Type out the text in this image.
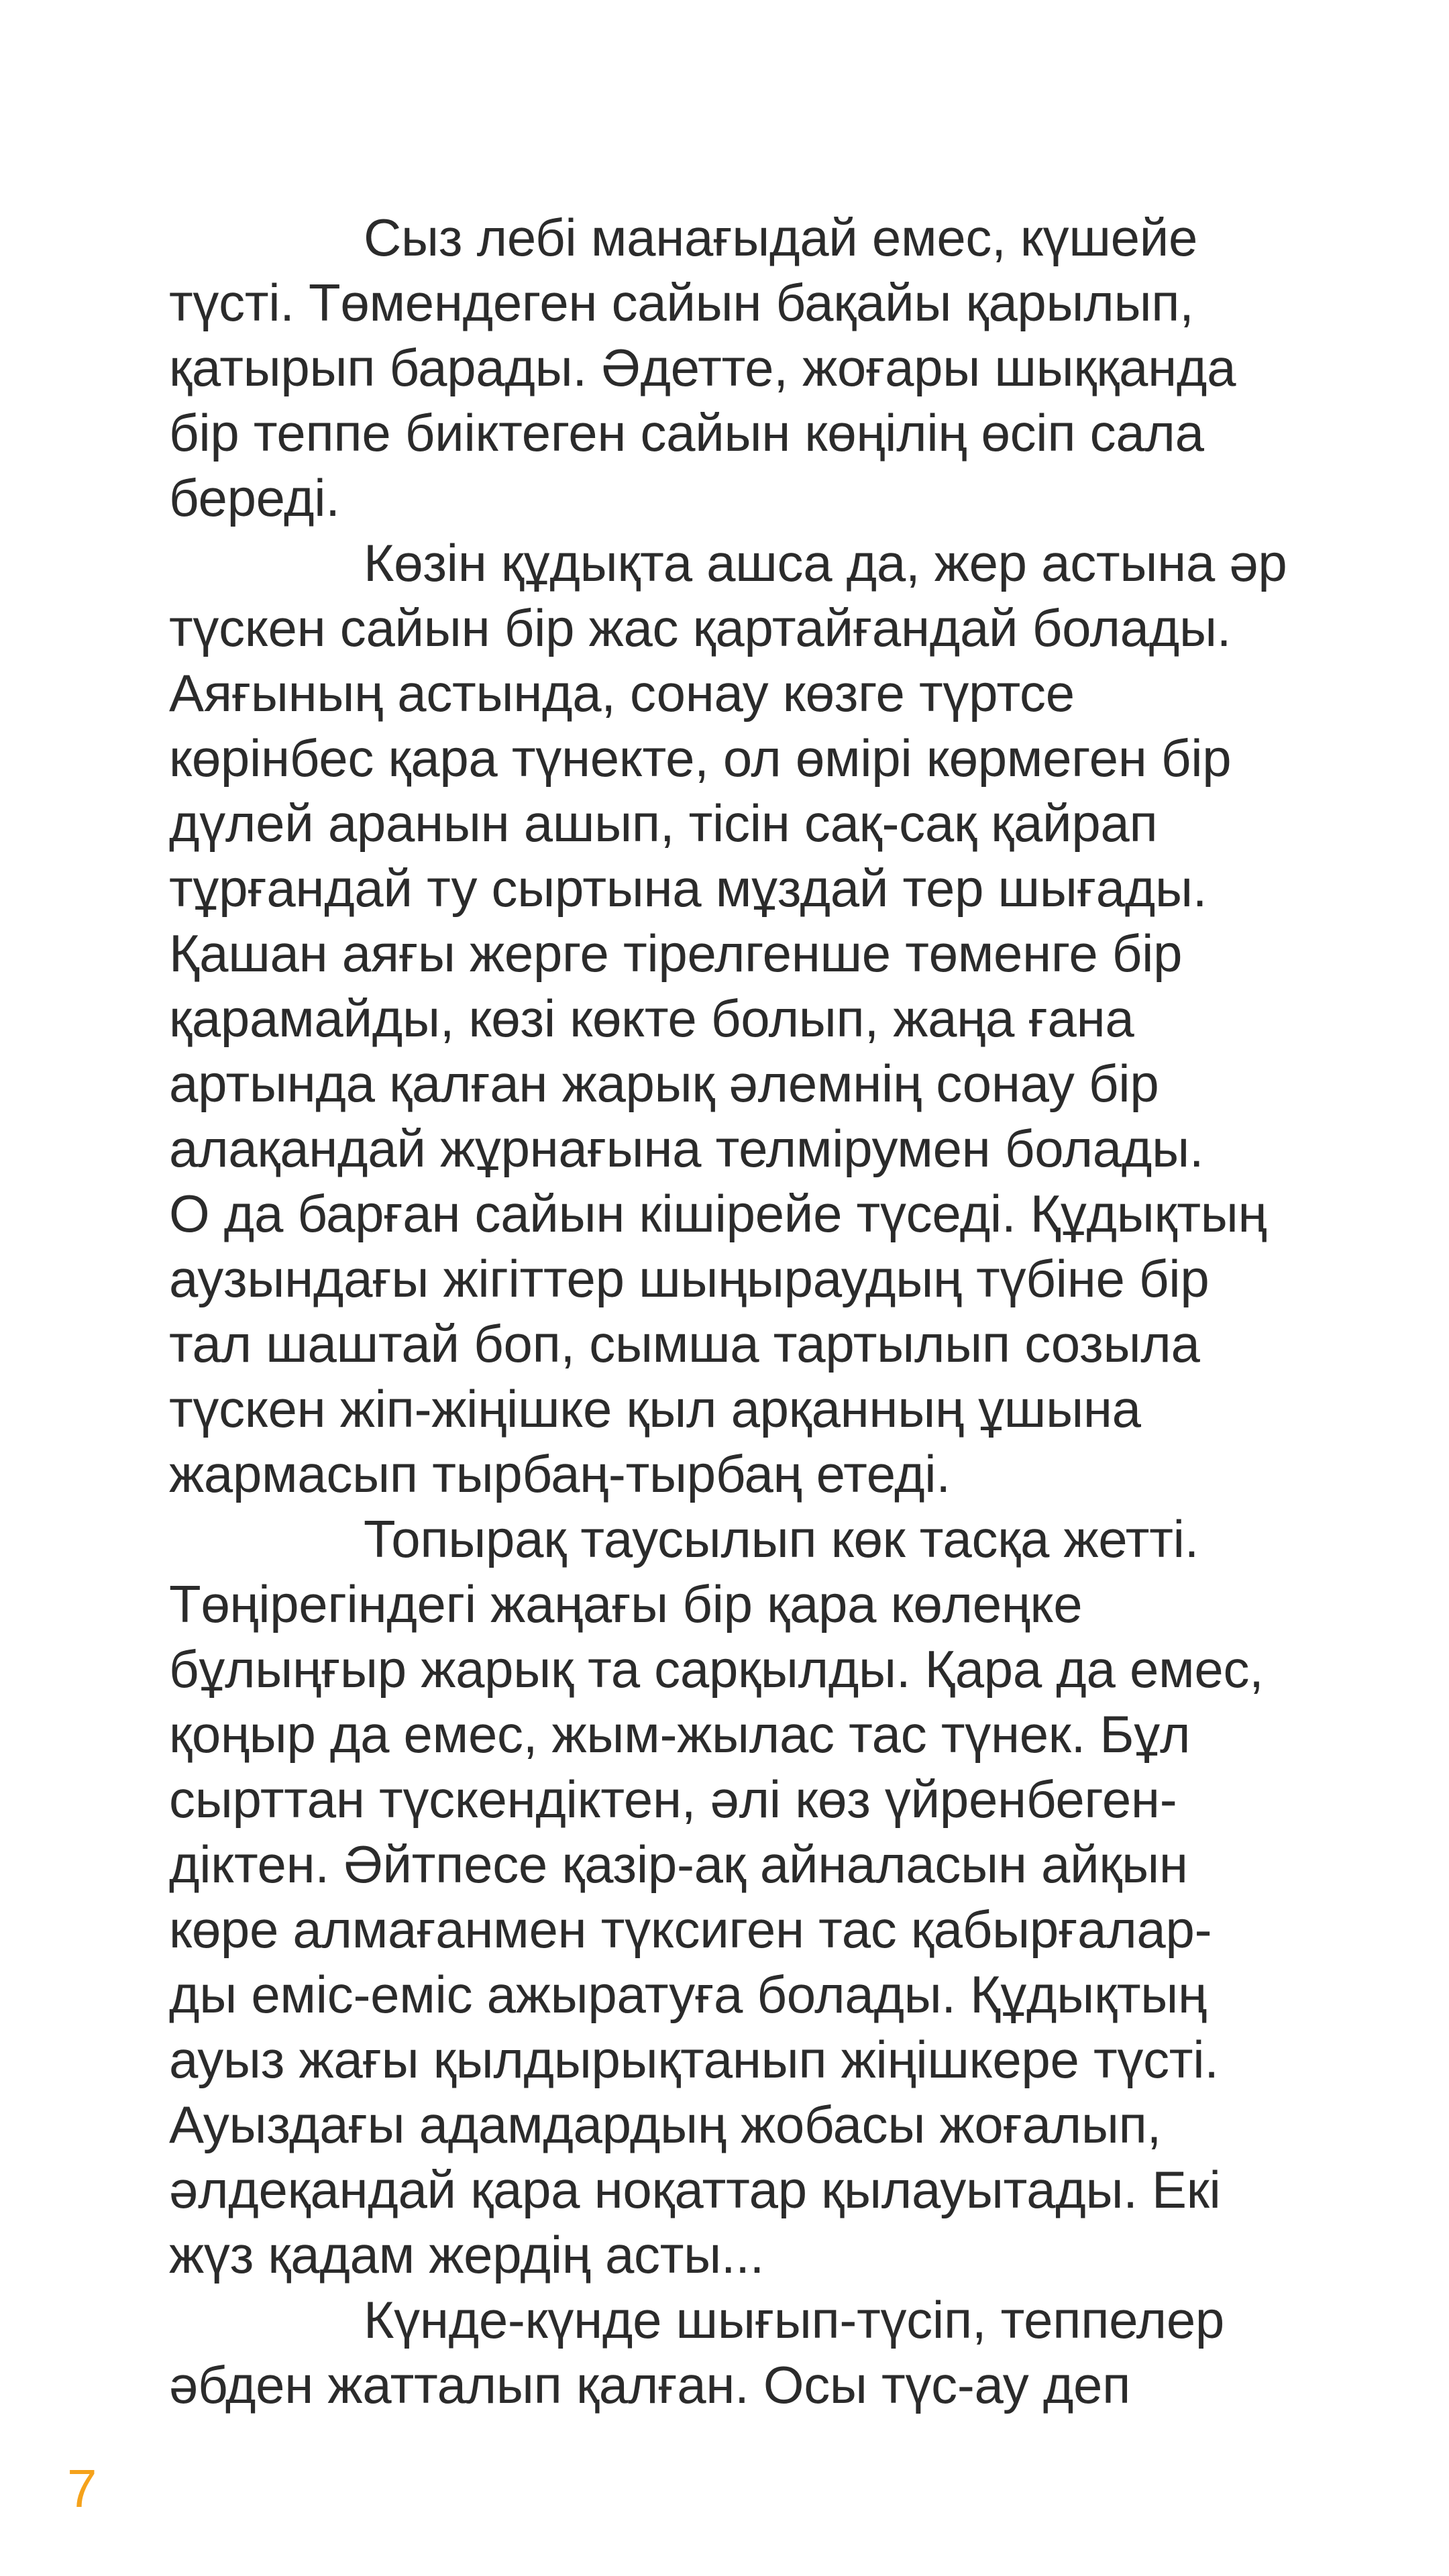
Сыз лебі манағыдай емес, күшейе
түсті. Төмендеген сайын бақайы қарылып,
қатырып барады. Әдетте, жоғары шыққанда
бір теппе биіктеген сайын көңілің өсіп сала
береді.
Көзін құдықта ашса да, жер астына әр
түскен сайын бір жас қартайғандай болады.
Аяғының астында, сонау көзге түртсе
көрінбес қара түнекте, ол өмірі көрмеген бір
дүлей аранын ашып, тісін сақ-сақ қайрап
тұрғандай ту сыртына мұздай тер шығады.
Қашан аяғы жерге тірелгенше төменге бір
қарамайды, көзі көкте болып, жаңа ғана
артында қалған жарық әлемнің сонау бір
алақандай жұрнағына телмірумен болады.
О да барған сайын кішірейе түседі. Құдықтың
аузындағы жігіттер шыңыраудың түбіне бір
тал шаштай боп, сымша тартылып созыла
түскен жіп-жіңішке қыл арқанның ұшына
жармасып тырбаң-тырбаң етеді.
Топырақ таусылып көк тасқа жетті.
Төңірегіндегі жаңағы бір қара көлеңке
бұлыңғыр жарық та сарқылды. Қара да емес,
қоңыр да емес, жым-жылас тас түнек. Бұл
сырттан түскендіктен, әлі көз үйренбеген-
діктен. Әйтпесе қазір-ақ айналасын айқын
көре алмағанмен түксиген тас қабырғалар-
ды еміс-еміс ажыратуға болады. Құдықтың
ауыз жағы қылдырықтанып жіңішкере түсті.
Ауыздағы адамдардың жобасы жоғалып,
әлдеқандай қара ноқаттар қылауытады. Екі
жүз қадам жердің асты...
Күнде-күнде шығып-түсіп, теппелер
әбден жатталып қалған. Осы түс-ау деп
7
